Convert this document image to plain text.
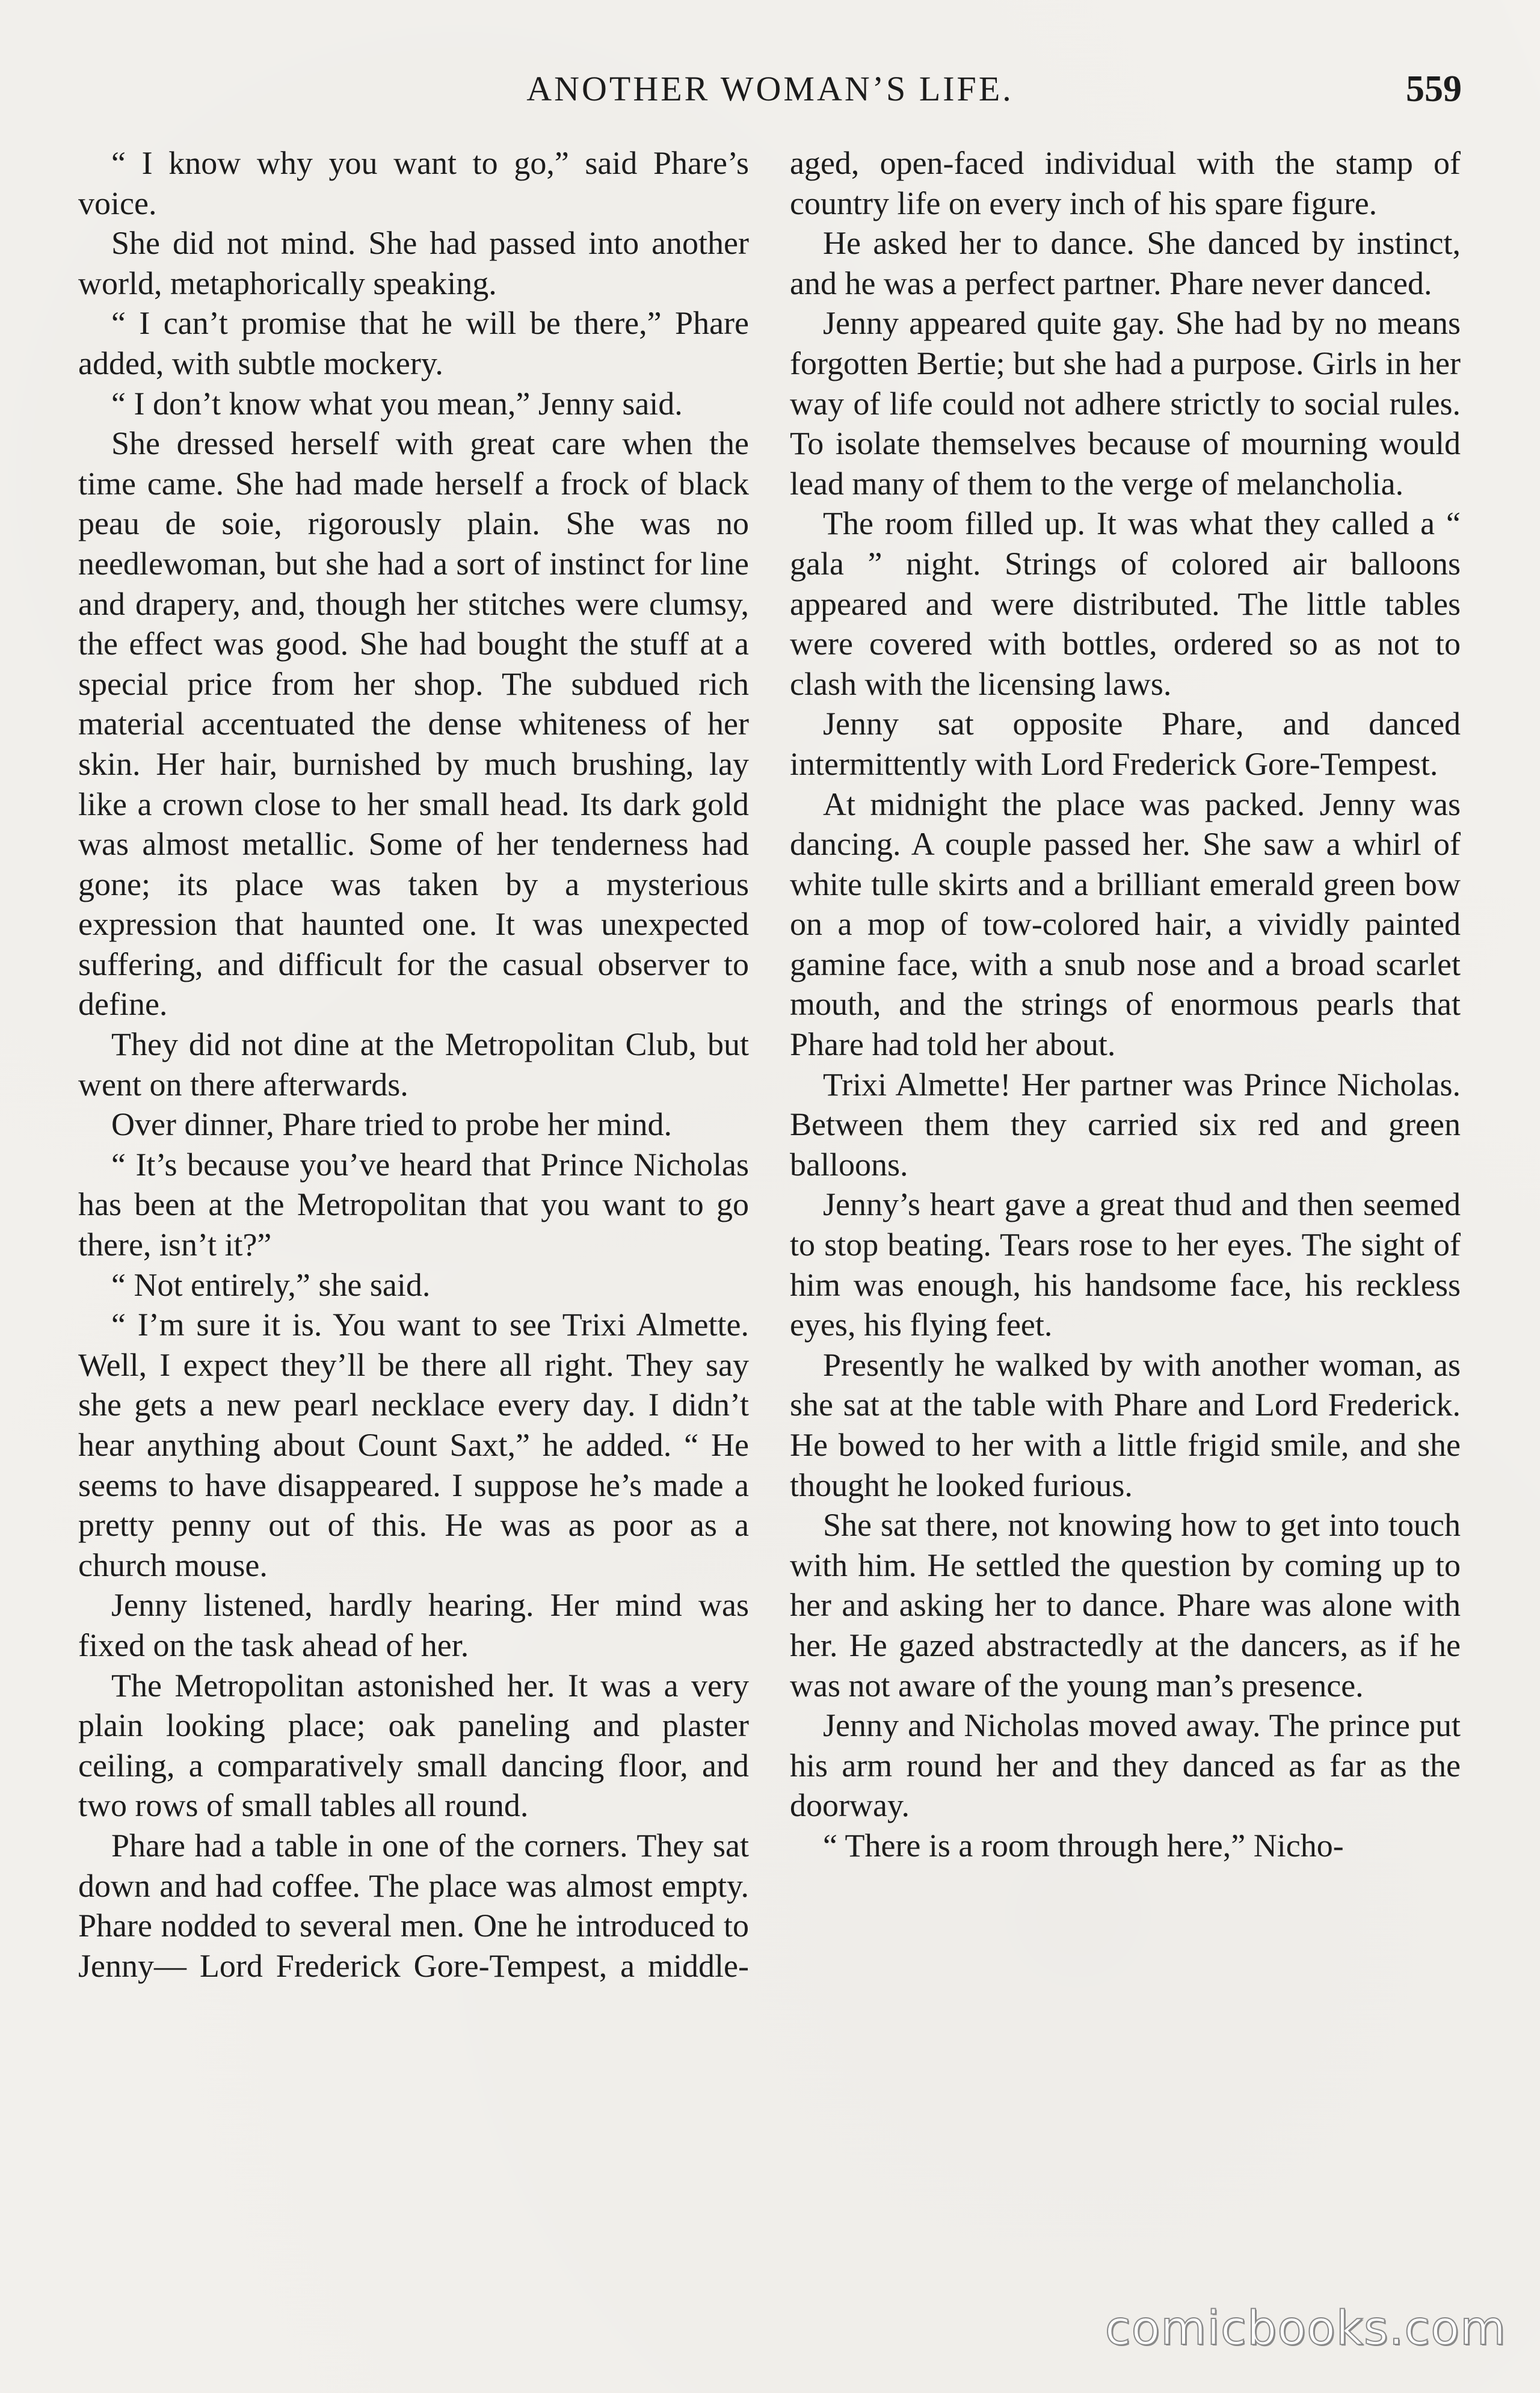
ANOTHER WOMAN’S LIFE.	559

“ I know why you want to go,” said Phare’s voice.

She did not mind. She had passed into another world, metaphorically speaking.

“ I can’t promise that he will be there,” Phare added, with subtle mockery.

“ I don’t know what you mean,” Jenny said.

She dressed herself with great care when the time came. She had made herself a frock of black peau de soie, rigorously plain. She was no needlewoman, but she had a sort of instinct for line and drapery, and, though her stitches were clumsy, the effect was good. She had bought the stuff at a special price from her shop. The subdued rich material accentuated the dense whiteness of her skin. Her hair, burnished by much brushing, lay like a crown close to her small head. Its dark gold was almost metallic. Some of her tenderness had gone; its place was taken by a mysterious expression that haunted one. It was unexpected suffering, and difficult for the casual observer to define.

They did not dine at the Metropolitan Club, but went on there afterwards.

Over dinner, Phare tried to probe her mind.

“ It’s because you’ve heard that Prince Nicholas has been at the Metropolitan that you want to go there, isn’t it?”

“ Not entirely,” she said.

“ I’m sure it is. You want to see Trixi Almette. Well, I expect they’ll be there all right. They say she gets a new pearl necklace every day. I didn’t hear anything about Count Saxt,” he added. “ He seems to have disappeared. I suppose he’s made a pretty penny out of this. He was as poor as a church mouse.

Jenny listened, hardly hearing. Her mind was fixed on the task ahead of her.

The Metropolitan astonished her. It was a very plain looking place; oak paneling and plaster ceiling, a comparatively small dancing floor, and two rows of small tables all round.

Phare had a table in one of the corners. They sat down and had coffee. The place was almost empty. Phare nodded to several men. One he introduced to Jenny— Lord Frederick Gore-Tempest, a middle-

aged, open-faced individual with the stamp of country life on every inch of his spare figure.

He asked her to dance. She danced by instinct, and he was a perfect partner. Phare never danced.

Jenny appeared quite gay. She had by no means forgotten Bertie; but she had a purpose. Girls in her way of life could not adhere strictly to social rules. To isolate themselves because of mourning would lead many of them to the verge of melancholia.

The room filled up. It was what they called a “ gala ” night. Strings of colored air balloons appeared and were distributed. The little tables were covered with bottles, ordered so as not to clash with the licensing laws.

Jenny sat opposite Phare, and danced intermittently with Lord Frederick Gore-Tempest.

At midnight the place was packed. Jenny was dancing. A couple passed her. She saw a whirl of white tulle skirts and a brilliant emerald green bow on a mop of tow-colored hair, a vividly painted gamine face, with a snub nose and a broad scarlet mouth, and the strings of enormous pearls that Phare had told her about.

Trixi Almette! Her partner was Prince Nicholas. Between them they carried six red and green balloons.

Jenny’s heart gave a great thud and then seemed to stop beating. Tears rose to her eyes. The sight of him was enough, his handsome face, his reckless eyes, his flying feet.

Presently he walked by with another woman, as she sat at the table with Phare and Lord Frederick. He bowed to her with a little frigid smile, and she thought he looked furious.

She sat there, not knowing how to get into touch with him. He settled the question by coming up to her and asking her to dance. Phare was alone with her. He gazed abstractedly at the dancers, as if he was not aware of the young man’s presence.

Jenny and Nicholas moved away. The prince put his arm round her and they danced as far as the doorway.

“ There is a room through here,” Nicho-

comicbooks.com
